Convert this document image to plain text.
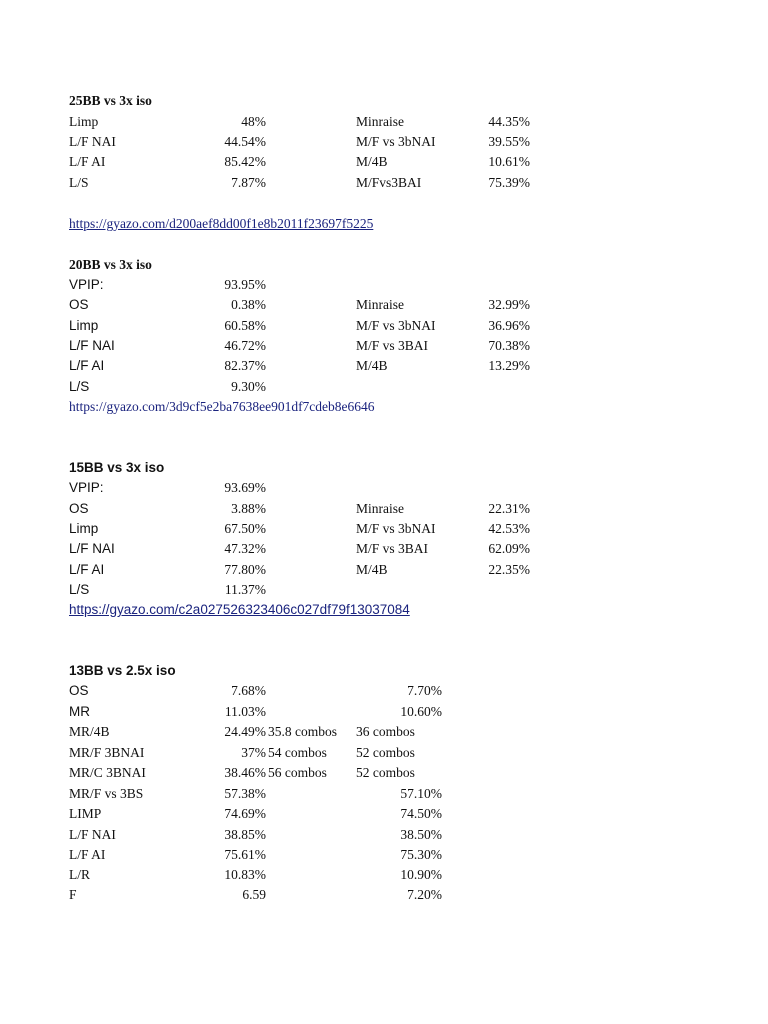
25BB vs 3x iso
Limp	48%	Minraise	44.35%
L/F NAI	44.54%	M/F vs 3bNAI	39.55%
L/F AI	85.42%	M/4B	10.61%
L/S	7.87%	M/Fvs3BAI	75.39%
https://gyazo.com/d200aef8dd00f1e8b2011f23697f5225
20BB vs 3x iso
VPIP:	93.95%
OS	0.38%	Minraise	32.99%
Limp	60.58%	M/F vs 3bNAI	36.96%
L/F NAI	46.72%	M/F vs 3BAI	70.38%
L/F AI	82.37%	M/4B	13.29%
L/S	9.30%
https://gyazo.com/3d9cf5e2ba7638ee901df7cdeb8e6646
15BB vs 3x iso
VPIP:	93.69%
OS	3.88%	Minraise	22.31%
Limp	67.50%	M/F vs 3bNAI	42.53%
L/F NAI	47.32%	M/F vs 3BAI	62.09%
L/F AI	77.80%	M/4B	22.35%
L/S	11.37%
https://gyazo.com/c2a027526323406c027df79f13037084
13BB vs 2.5x iso
OS	7.68%	7.70%
MR	11.03%	10.60%
MR/4B	24.49% 35.8 combos 36 combos
MR/F 3BNAI	37% 54 combos 52 combos
MR/C 3BNAI	38.46% 56 combos 52 combos
MR/F vs 3BS	57.38%	57.10%
LIMP	74.69%	74.50%
L/F NAI	38.85%	38.50%
L/F AI	75.61%	75.30%
L/R	10.83%	10.90%
F	6.59	7.20%
